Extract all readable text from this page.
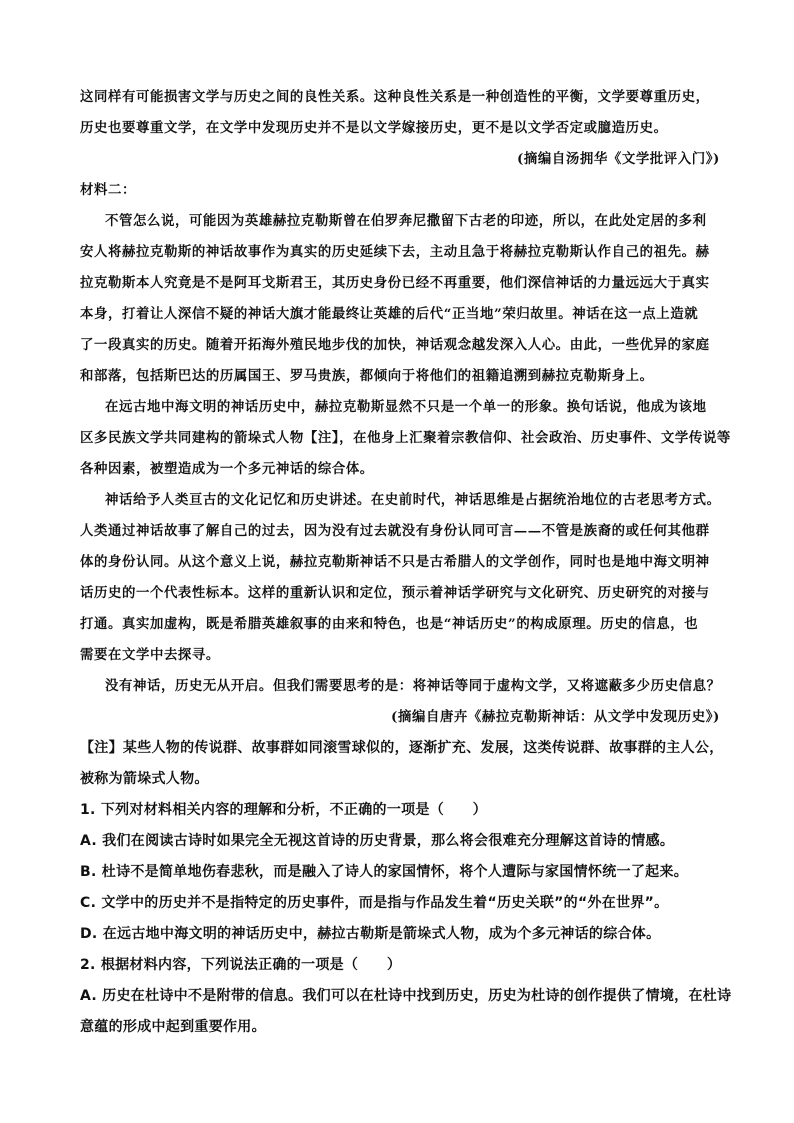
这同样有可能损害文学与历史之间的良性关系。这种良性关系是一种创造性的平衡，文学要尊重历史，
历史也要尊重文学，在文学中发现历史并不是以文学嫁接历史，更不是以文学否定或臆造历史。
(摘编自汤拥华《文学批评入门》)
材料二：
不管怎么说，可能因为英雄赫拉克勒斯曾在伯罗奔尼撒留下古老的印迹，所以，在此处定居的多利
安人将赫拉克勒斯的神话故事作为真实的历史延续下去，主动且急于将赫拉克勒斯认作自己的祖先。赫
拉克勒斯本人究竟是不是阿耳戈斯君王，其历史身份已经不再重要，他们深信神话的力量远远大于真实
本身，打着让人深信不疑的神话大旗才能最终让英雄的后代“正当地”荣归故里。神话在这一点上造就
了一段真实的历史。随着开拓海外殖民地步伐的加快，神话观念越发深入人心。由此，一些优异的家庭
和部落，包括斯巴达的历属国王、罗马贵族，都倾向于将他们的祖籍追溯到赫拉克勒斯身上。
在远古地中海文明的神话历史中，赫拉克勒斯显然不只是一个单一的形象。换句话说，他成为该地
区多民族文学共同建构的箭垛式人物【注】，在他身上汇聚着宗教信仰、社会政治、历史事件、文学传说等
各种因素，被塑造成为一个多元神话的综合体。
神话给予人类亘古的文化记忆和历史讲述。在史前时代，神话思维是占据统治地位的古老思考方式。
人类通过神话故事了解自己的过去，因为没有过去就没有身份认同可言——不管是族裔的或任何其他群
体的身份认同。从这个意义上说，赫拉克勒斯神话不只是古希腊人的文学创作，同时也是地中海文明神
话历史的一个代表性标本。这样的重新认识和定位，预示着神话学研究与文化研究、历史研究的对接与
打通。真实加虚构，既是希腊英雄叙事的由来和特色，也是“神话历史”的构成原理。历史的信息，也
需要在文学中去探寻。
没有神话，历史无从开启。但我们需要思考的是：将神话等同于虚构文学，又将遮蔽多少历史信息？
(摘编自唐卉《赫拉克勒斯神话：从文学中发现历史》)
【注】某些人物的传说群、故事群如同滚雪球似的，逐渐扩充、发展，这类传说群、故事群的主人公，
被称为箭垛式人物。
1. 下列对材料相关内容的理解和分析，不正确的一项是（　　）
A. 我们在阅读古诗时如果完全无视这首诗的历史背景，那么将会很难充分理解这首诗的情感。
B. 杜诗不是简单地伤春悲秋，而是融入了诗人的家国情怀，将个人遭际与家国情怀统一了起来。
C. 文学中的历史并不是指特定的历史事件，而是指与作品发生着“历史关联”的“外在世界”。
D. 在远古地中海文明的神话历史中，赫拉古勒斯是箭垛式人物，成为个多元神话的综合体。
2. 根据材料内容，下列说法正确的一项是（　　）
A. 历史在杜诗中不是附带的信息。我们可以在杜诗中找到历史，历史为杜诗的创作提供了情境，在杜诗
意蕴的形成中起到重要作用。
